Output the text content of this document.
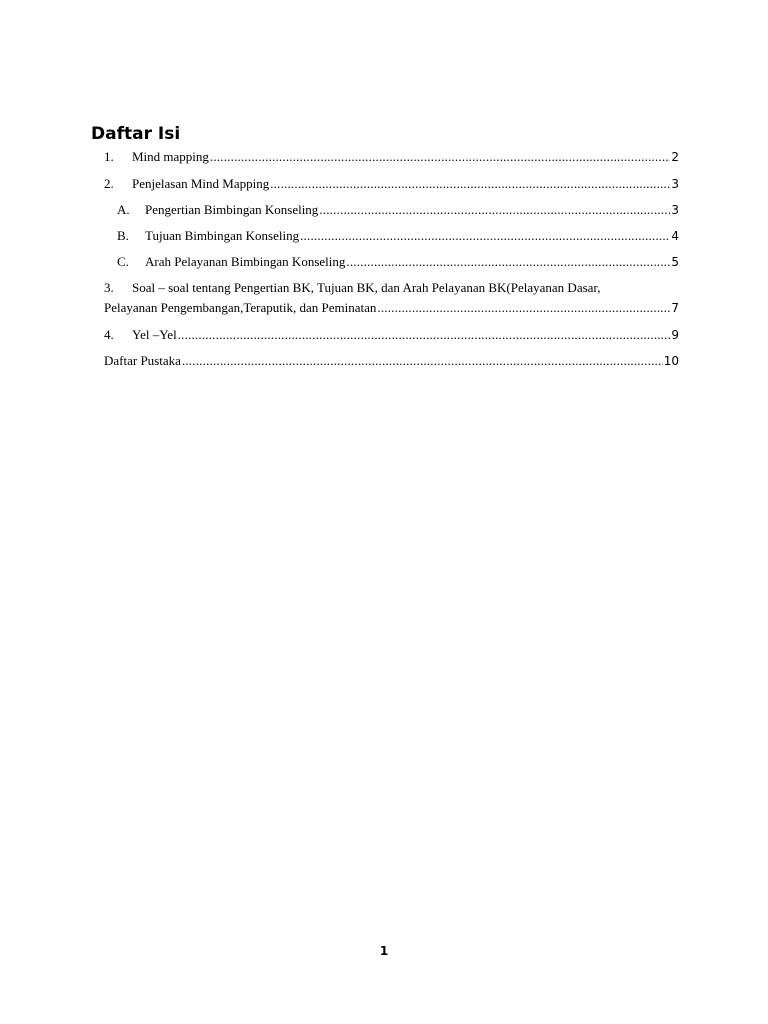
Daftar Isi
1.	Mind mapping .....	2
2.	Penjelasan Mind Mapping .....	3
A.	Pengertian Bimbingan Konseling .....	3
B.	Tujuan Bimbingan Konseling .....	4
C.	Arah Pelayanan Bimbingan Konseling .....	5
3. Soal – soal tentang Pengertian BK, Tujuan BK, dan Arah Pelayanan BK(Pelayanan Dasar,
Pelayanan Pengembangan,Teraputik, dan Peminatan .....	7
4.	Yel –Yel .....	9
Daftar Pustaka .....	10
1
